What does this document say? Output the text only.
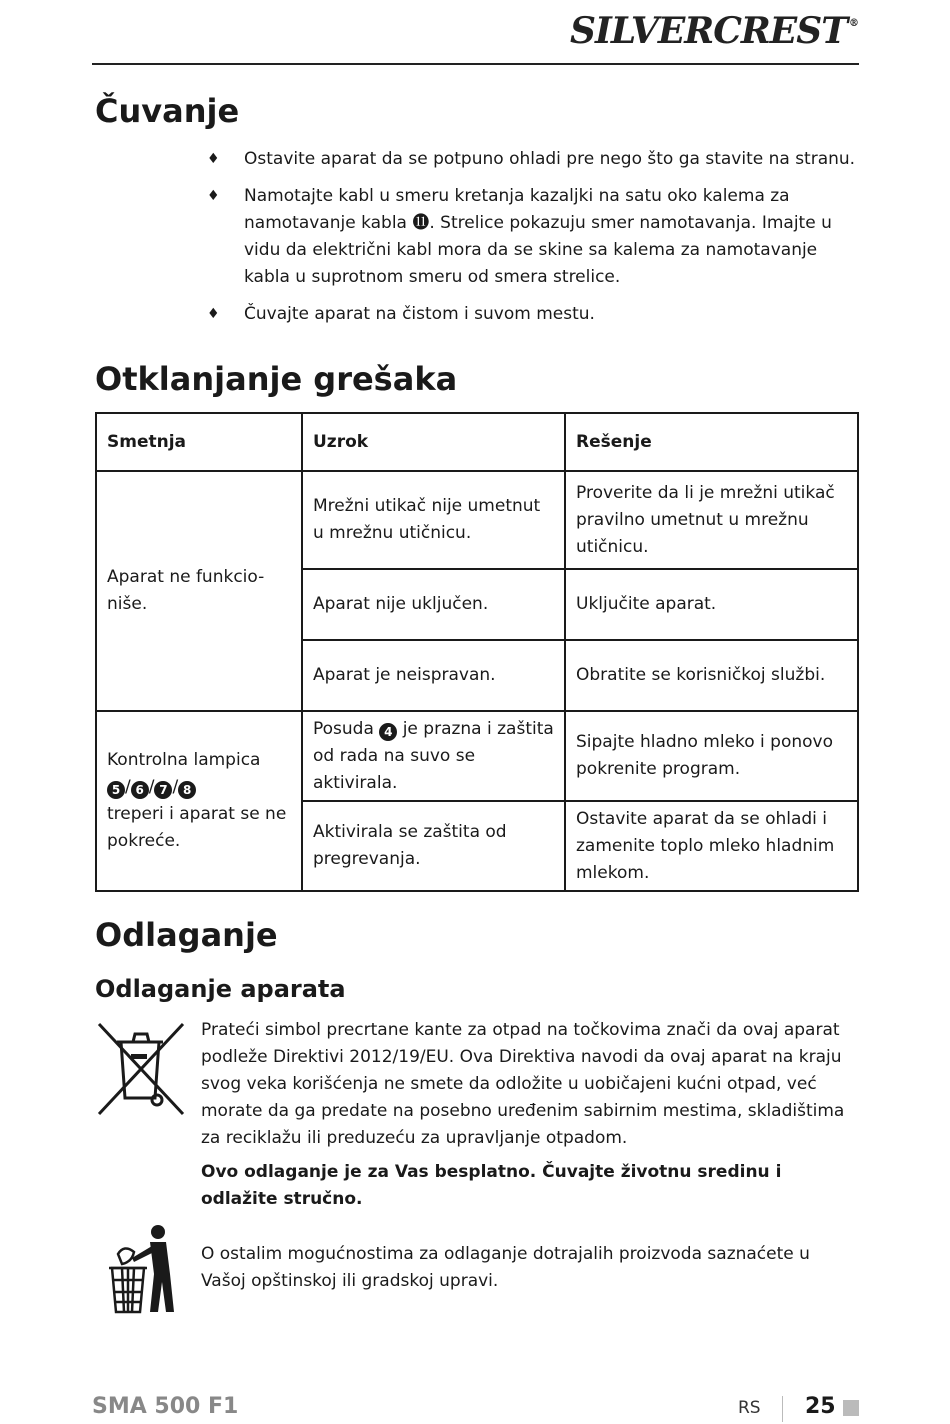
SILVERCREST ®
Čuvanje
♦ Ostavite aparat da se potpuno ohladi pre nego što ga stavite na stranu.
♦ Namotajte kabl u smeru kretanja kazaljki na satu oko kalema za namotavanje kabla ⓫. Strelice pokazuju smer namotavanja. Imajte u vidu da električni kabl mora da se skine sa kalema za namotavanje kabla u suprotnom smeru od smera strelice.
♦ Čuvajte aparat na čistom i suvom mestu.
Otklanjanje grešaka
Smetnja	Uzrok	Rešenje
Aparat ne funkcio-niše.	Mrežni utikač nije umetnut u mrežnu utičnicu.	Proverite da li je mrežni utikač pravilno umetnut u mrežnu utičnicu.
	Aparat nije uključen.	Uključite aparat.
	Aparat je neispravan.	Obratite se korisničkoj službi.
Kontrolna lampica
5 / 6 / 7 / 8
treperi i aparat se ne pokreće.	Posuda 4 je prazna i zaštita od rada na suvo se aktivirala.	Sipajte hladno mleko i ponovo pokrenite program.
	Aktivirala se zaštita od pregrevanja.	Ostavite aparat da se ohladi i zamenite toplo mleko hladnim mlekom.
Odlaganje
Odlaganje aparata
Prateći simbol precrtane kante za otpad na točkovima znači da ovaj aparat podleže Direktivi 2012/19/EU. Ova Direktiva navodi da ovaj aparat na kraju svog veka korišćenja ne smete da odložite u uobičajeni kućni otpad, već morate da ga predate na posebno uređenim sabirnim mestima, skladištima za reciklažu ili preduzeću za upravljanje otpadom.
Ovo odlaganje je za Vas besplatno. Čuvajte životnu sredinu i odlažite stručno.
O ostalim mogućnostima za odlaganje dotrajalih proizvoda saznaćete u Vašoj opštinskoj ili gradskoj upravi.
SMA 500 F1	RS 25
